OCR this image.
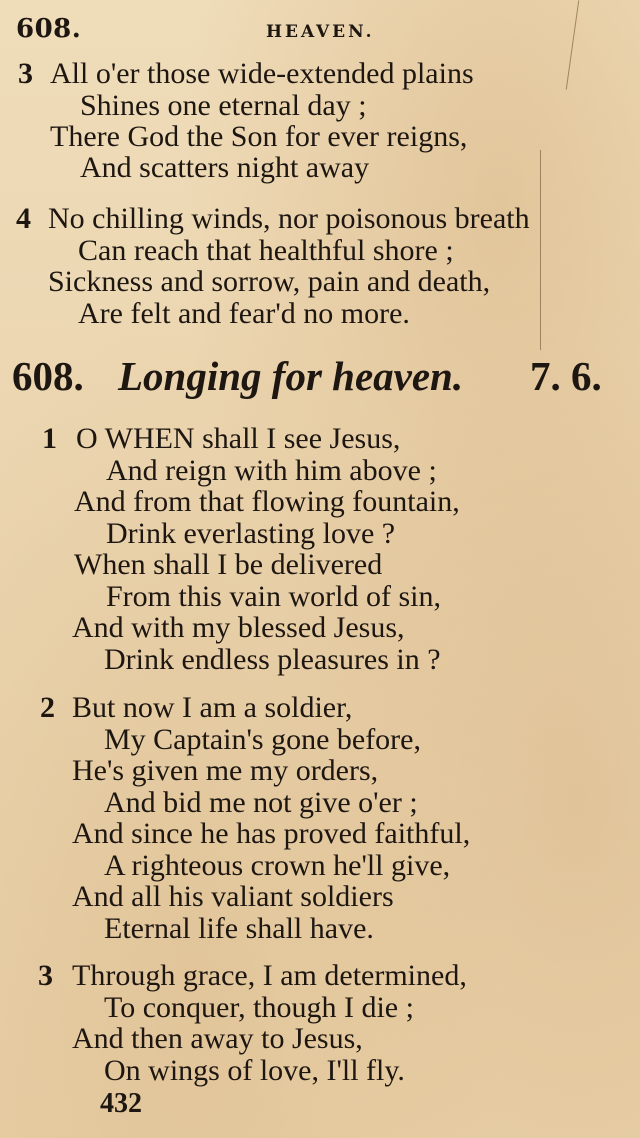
608.	HEAVEN.
3 All o'er those wide-extended plains
Shines one eternal day ;
There God the Son for ever reigns,
And scatters night away
4 No chilling winds, nor poisonous breath
Can reach that healthful shore ;
Sickness and sorrow, pain and death,
Are felt and fear'd no more.
608. Longing for heaven. 7. 6.
1 O WHEN shall I see Jesus,
And reign with him above ;
And from that flowing fountain,
Drink everlasting love ?
When shall I be delivered
From this vain world of sin,
And with my blessed Jesus,
Drink endless pleasures in ?
2 But now I am a soldier,
My Captain's gone before,
He's given me my orders,
And bid me not give o'er ;
And since he has proved faithful,
A righteous crown he'll give,
And all his valiant soldiers
Eternal life shall have.
3 Through grace, I am determined,
To conquer, though I die ;
And then away to Jesus,
On wings of love, I'll fly.
432
